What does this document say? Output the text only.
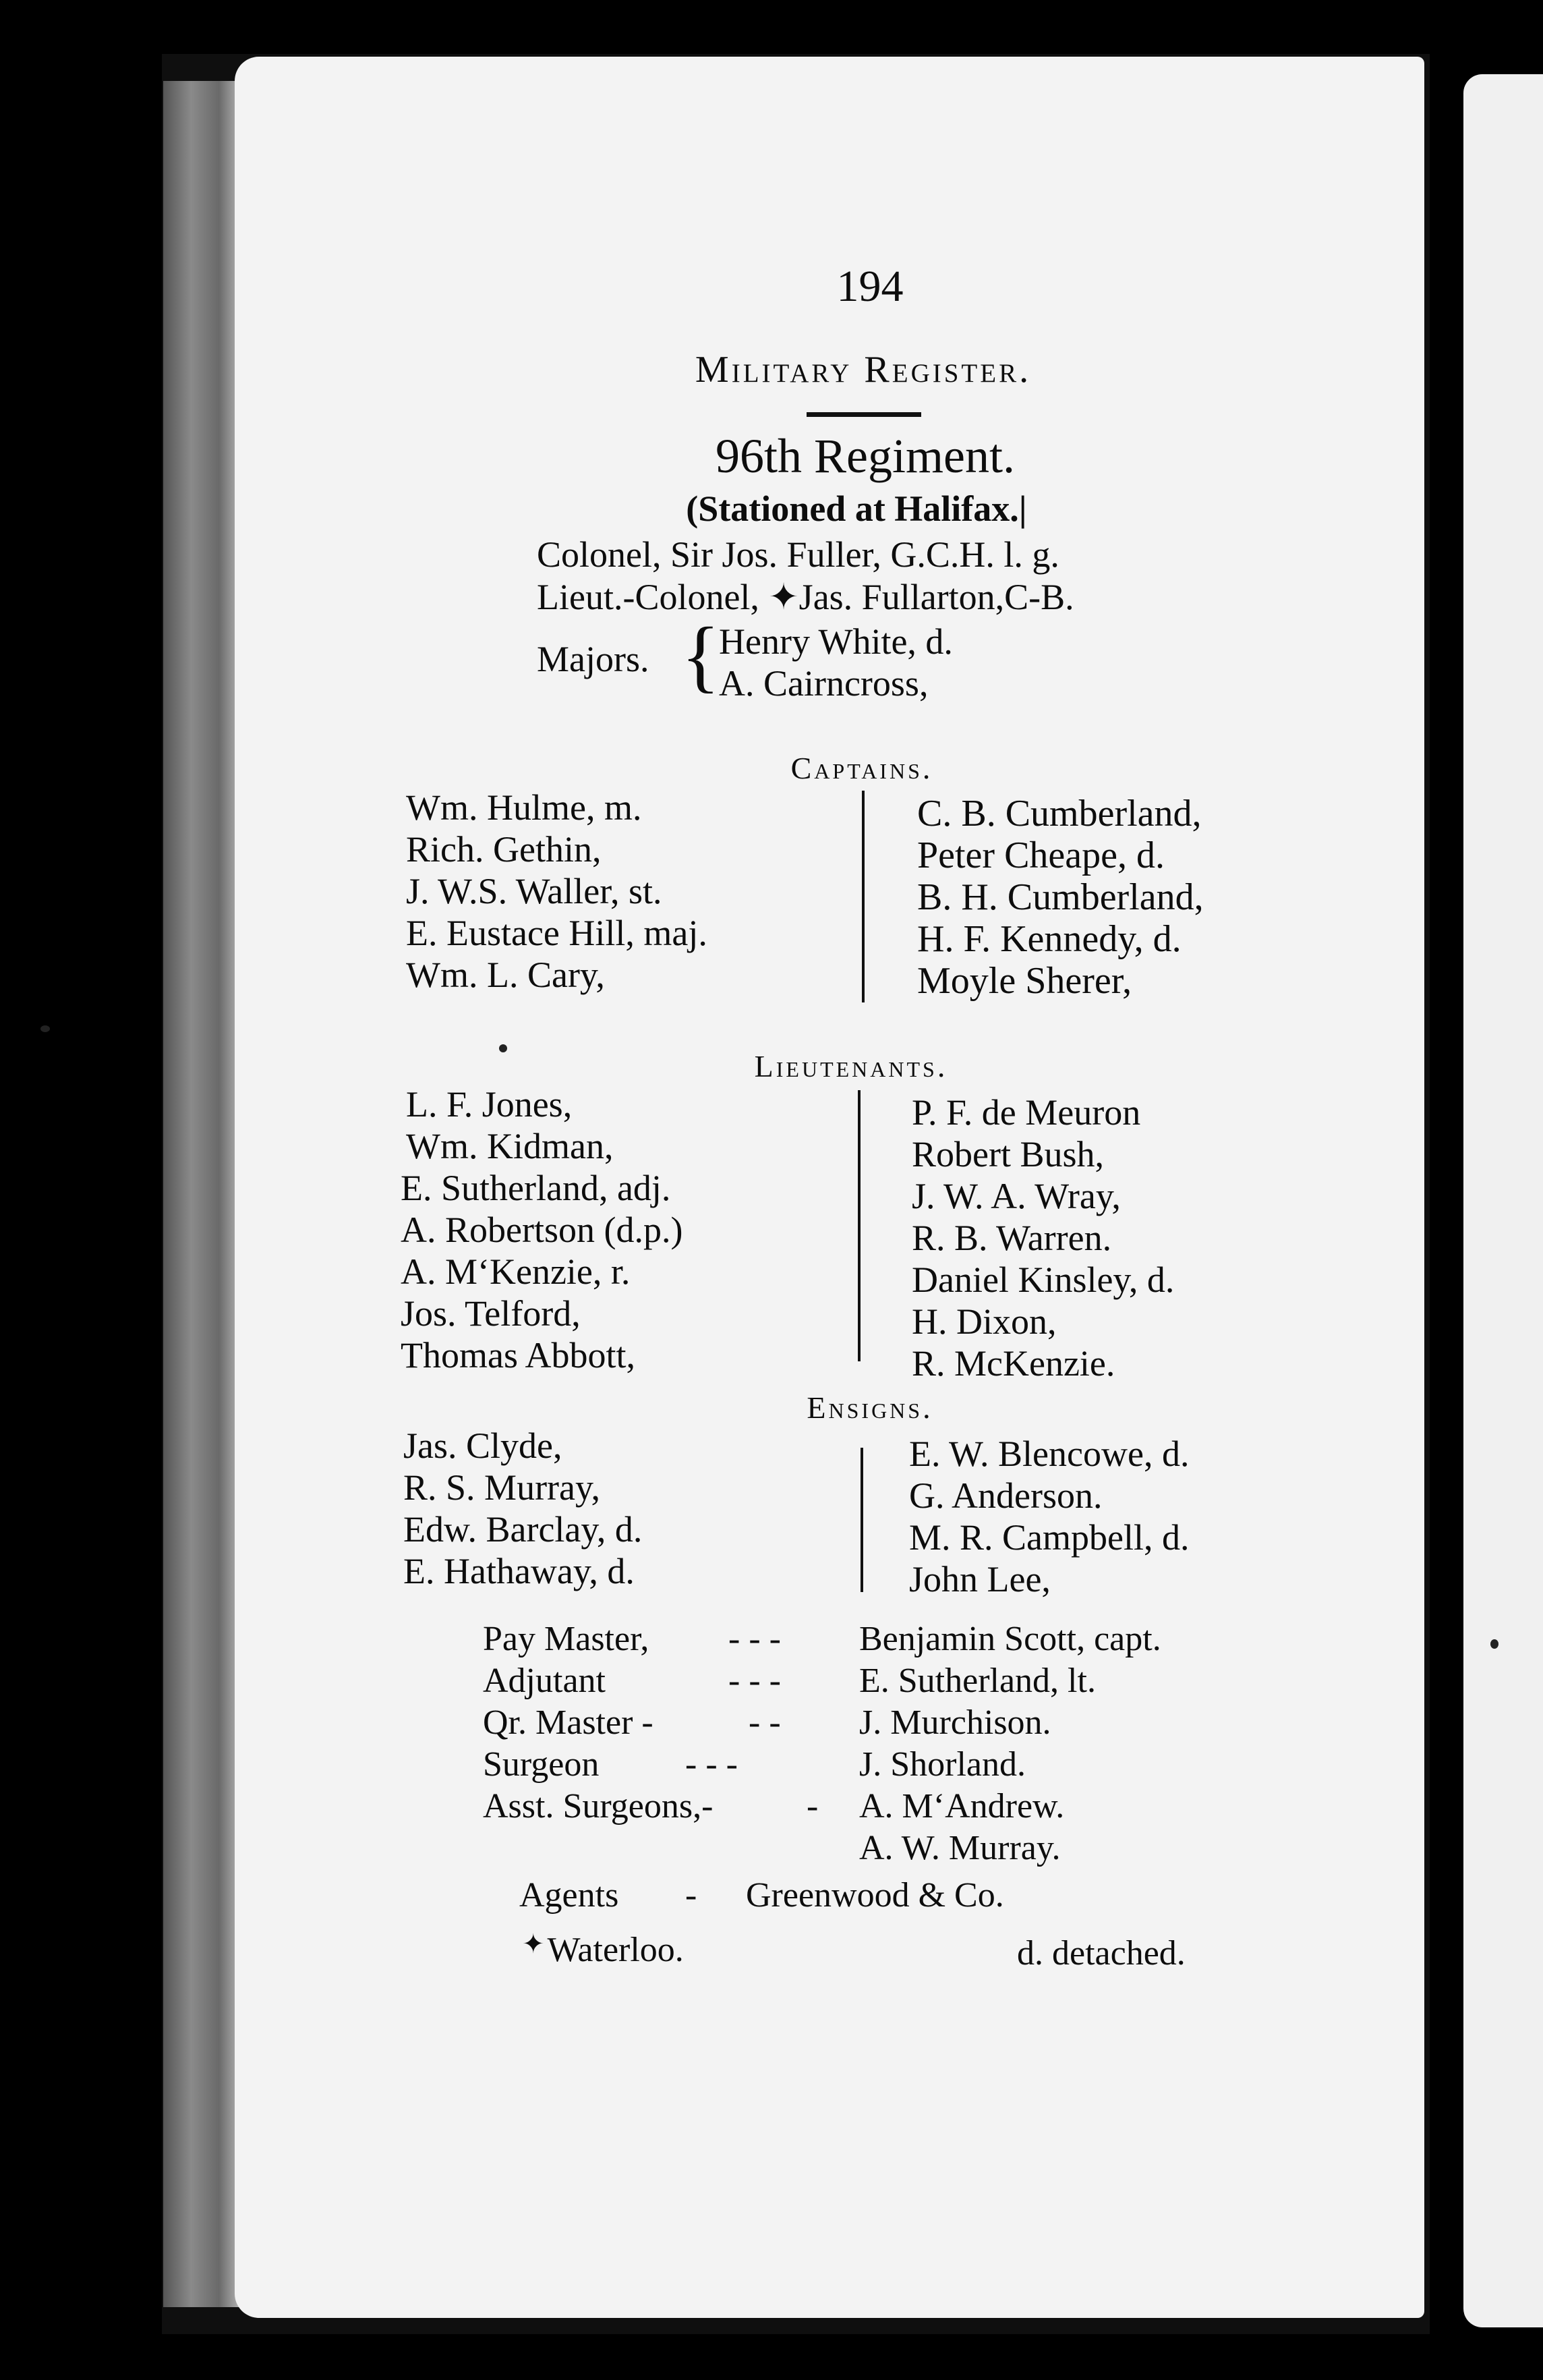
194
Military Register.
96th Regiment.
(Stationed at Halifax.|
Colonel, Sir Jos. Fuller, G.C.H. l. g.
Lieut.-Colonel, ✦Jas. Fullarton,C-B.
Majors. {
Henry White, d.
A. Cairncross,
Captains.
Wm. Hulme, m.
Rich. Gethin,
J. W.S. Waller, st.
E. Eustace Hill, maj.
Wm. L. Cary,
C. B. Cumberland,
Peter Cheape, d.
B. H. Cumberland,
H. F. Kennedy, d.
Moyle Sherer,
Lieutenants.
L. F. Jones,
Wm. Kidman,
E. Sutherland, adj.
A. Robertson (d.p.)
A. M‘Kenzie, r.
Jos. Telford,
Thomas Abbott,
P. F. de Meuron
Robert Bush,
J. W. A. Wray,
R. B. Warren.
Daniel Kinsley, d.
H. Dixon,
R. McKenzie.
Ensigns.
Jas. Clyde,
R. S. Murray,
Edw. Barclay, d.
E. Hathaway, d.
E. W. Blencowe, d.
G. Anderson.
M. R. Campbell, d.
John Lee,
Pay Master, - - - Benjamin Scott, capt.
Adjutant	- - - E. Sutherland, lt.
Qr. Master -	- - J. Murchison.
Surgeon - - -	J. Shorland.
Asst. Surgeons,-	- A. M‘Andrew.
A. W. Murray.
Agents - Greenwood & Co.
✦Waterloo.	d. detached.
